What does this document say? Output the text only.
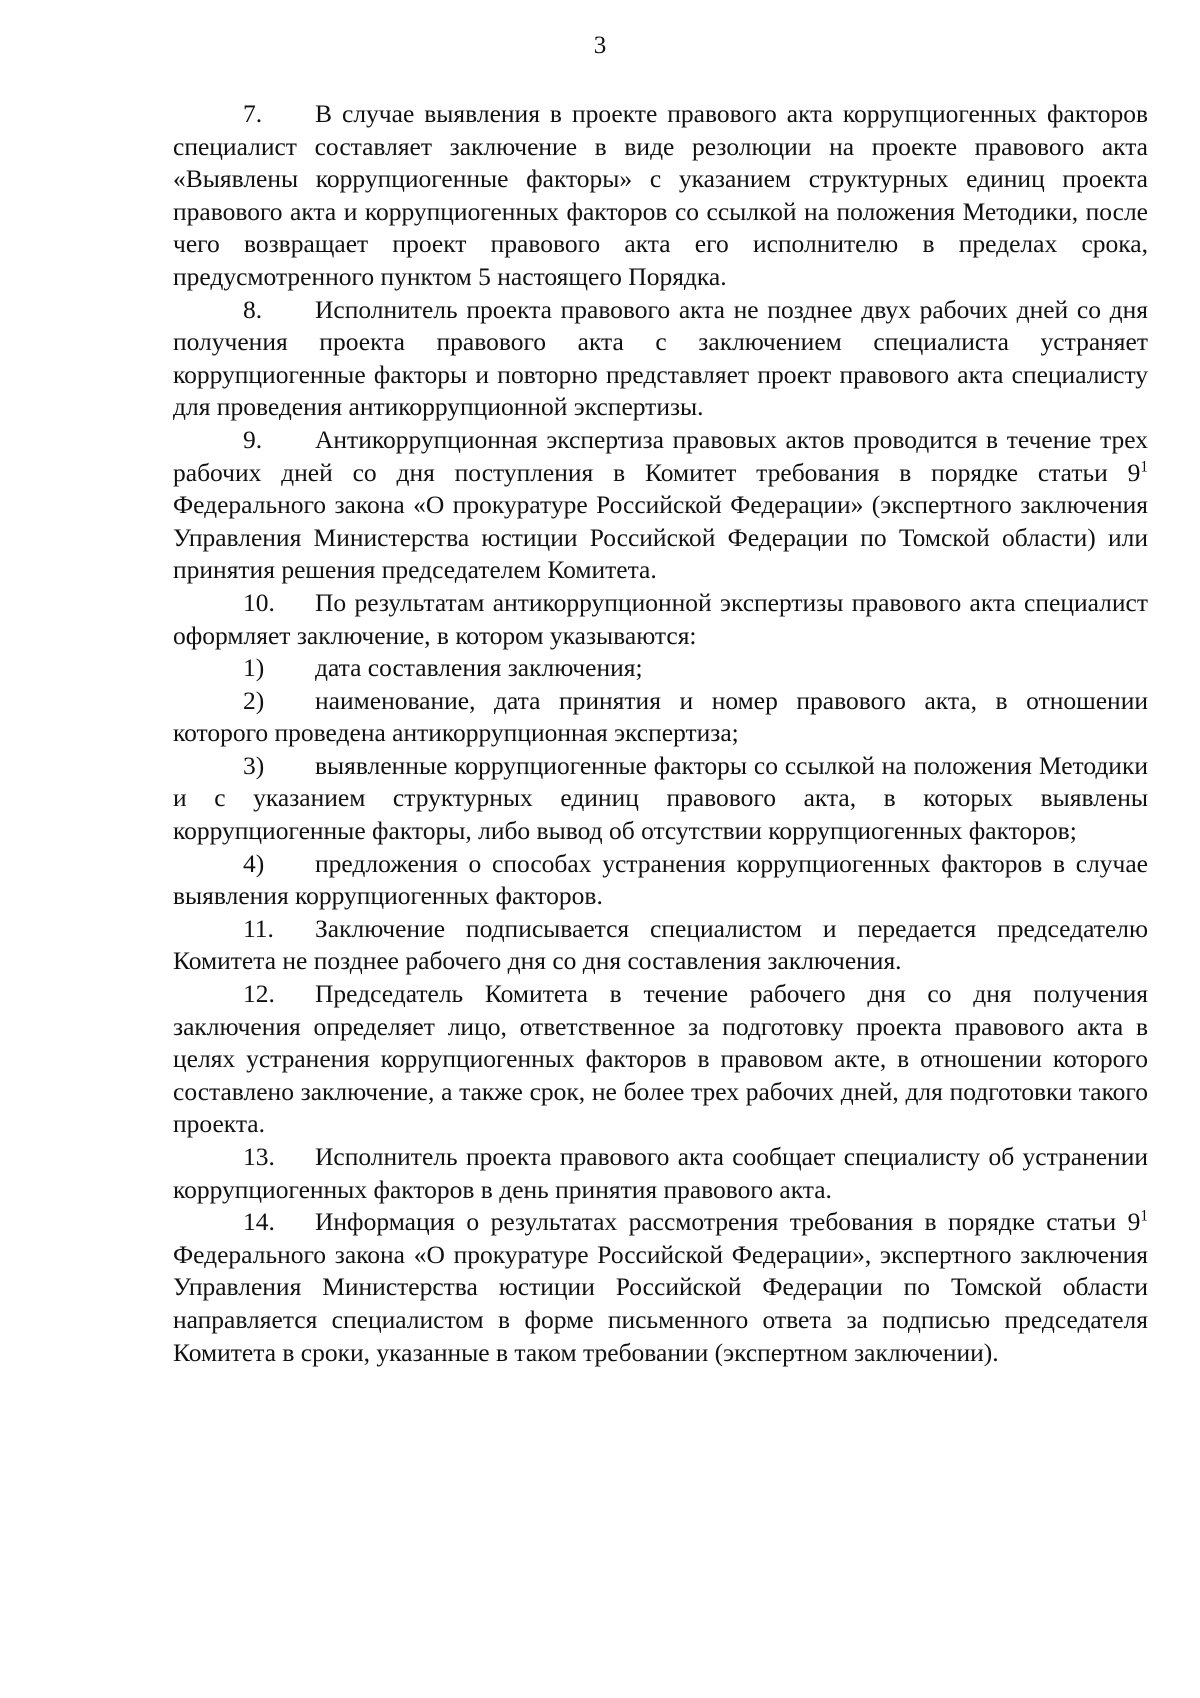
3

7. В случае выявления в проекте правового акта коррупциогенных факторов специалист составляет заключение в виде резолюции на проекте правового акта «Выявлены коррупциогенные факторы» с указанием структурных единиц проекта правового акта и коррупциогенных факторов со ссылкой на положения Методики, после чего возвращает проект правового акта его исполнителю в пределах срока, предусмотренного пунктом 5 настоящего Порядка.

8. Исполнитель проекта правового акта не позднее двух рабочих дней со дня получения проекта правового акта с заключением специалиста устраняет коррупциогенные факторы и повторно представляет проект правового акта специалисту для проведения антикоррупционной экспертизы.

9. Антикоррупционная экспертиза правовых актов проводится в течение трех рабочих дней со дня поступления в Комитет требования в порядке статьи $9^1$ Федерального закона «О прокуратуре Российской Федерации» (экспертного заключения Управления Министерства юстиции Российской Федерации по Томской области) или принятия решения председателем Комитета.

10. По результатам антикоррупционной экспертизы правового акта специалист оформляет заключение, в котором указываются:

1) дата составления заключения;

2) наименование, дата принятия и номер правового акта, в отношении которого проведена антикоррупционная экспертиза;

3) выявленные коррупциогенные факторы со ссылкой на положения Методики и с указанием структурных единиц правового акта, в которых выявлены коррупциогенные факторы, либо вывод об отсутствии коррупциогенных факторов;

4) предложения о способах устранения коррупциогенных факторов в случае выявления коррупциогенных факторов.

11. Заключение подписывается специалистом и передается председателю Комитета не позднее рабочего дня со дня составления заключения.

12. Председатель Комитета в течение рабочего дня со дня получения заключения определяет лицо, ответственное за подготовку проекта правового акта в целях устранения коррупциогенных факторов в правовом акте, в отношении которого составлено заключение, а также срок, не более трех рабочих дней, для подготовки такого проекта.

13. Исполнитель проекта правового акта сообщает специалисту об устранении коррупциогенных факторов в день принятия правового акта.

14. Информация о результатах рассмотрения требования в порядке статьи $9^1$ Федерального закона «О прокуратуре Российской Федерации», экспертного заключения Управления Министерства юстиции Российской Федерации по Томской области направляется специалистом в форме письменного ответа за подписью председателя Комитета в сроки, указанные в таком требовании (экспертном заключении).
